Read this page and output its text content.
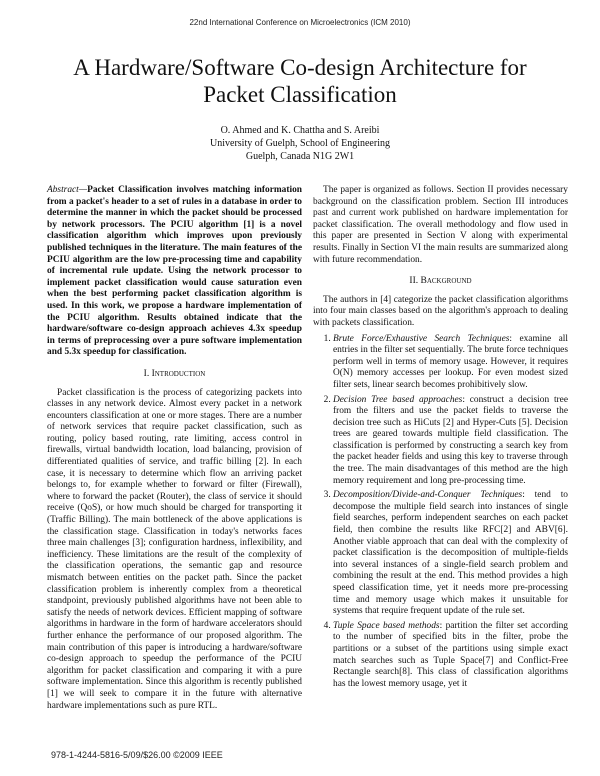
22nd International Conference on Microelectronics (ICM 2010)
A Hardware/Software Co-design Architecture for Packet Classification
O. Ahmed and K. Chattha and S. Areibi
University of Guelph, School of Engineering
Guelph, Canada N1G 2W1
Abstract—Packet Classification involves matching information from a packet's header to a set of rules in a database in order to determine the manner in which the packet should be processed by network processors. The PCIU algorithm [1] is a novel classification algorithm which improves upon previously published techniques in the literature. The main features of the PCIU algorithm are the low pre-processing time and capability of incremental rule update. Using the network processor to implement packet classification would cause saturation even when the best performing packet classification algorithm is used. In this work, we propose a hardware implementation of the PCIU algorithm. Results obtained indicate that the hardware/software co-design approach achieves 4.3x speedup in terms of preprocessing over a pure software implementation and 5.3x speedup for classification.
I. Introduction

Packet classification is the process of categorizing packets into classes in any network device. Almost every packet in a network encounters classification at one or more stages. There are a number of network services that require packet classification, such as routing, policy based routing, rate limiting, access control in firewalls, virtual bandwidth location, load balancing, provision of differentiated qualities of service, and traffic billing [2]. In each case, it is necessary to determine which flow an arriving packet belongs to, for example whether to forward or filter (Firewall), where to forward the packet (Router), the class of service it should receive (QoS), or how much should be charged for transporting it (Traffic Billing). The main bottleneck of the above applications is the classification stage. Classification in today's networks faces three main challenges [3]; configuration hardness, inflexibility, and inefficiency. These limitations are the result of the complexity of the classification operations, the semantic gap and resource mismatch between entities on the packet path. Since the packet classification problem is inherently complex from a theoretical standpoint, previously published algorithms have not been able to satisfy the needs of network devices. Efficient mapping of software algorithms in hardware in the form of hardware accelerators should further enhance the performance of our proposed algorithm. The main contribution of this paper is introducing a hardware/software co-design approach to speedup the performance of the PCIU algorithm for packet classification and comparing it with a pure software implementation. Since this algorithm is recently published [1] we will seek to compare it in the future with alternative hardware implementations such as pure RTL.

The paper is organized as follows. Section II provides necessary background on the classification problem. Section III introduces past and current work published on hardware implementation for packet classification. The overall methodology and flow used in this paper are presented in Section V along with experimental results. Finally in Section VI the main results are summarized along with future recommendation.

II. Background

The authors in [4] categorize the packet classification algorithms into four main classes based on the algorithm's approach to dealing with packets classification.

1. Brute Force/Exhaustive Search Techniques: examine all entries in the filter set sequentially. The brute force techniques perform well in terms of memory usage. However, it requires O(N) memory accesses per lookup. For even modest sized filter sets, linear search becomes prohibitively slow.
2. Decision Tree based approaches: construct a decision tree from the filters and use the packet fields to traverse the decision tree such as HiCuts [2] and Hyper-Cuts [5]. Decision trees are geared towards multiple field classification. The classification is performed by constructing a search key from the packet header fields and using this key to traverse through the tree. The main disadvantages of this method are the high memory requirement and long pre-processing time.
3. Decomposition/Divide-and-Conquer Techniques: tend to decompose the multiple field search into instances of single field searches, perform independent searches on each packet field, then combine the results like RFC[2] and ABV[6]. Another viable approach that can deal with the complexity of packet classification is the decomposition of multiple-fields into several instances of a single-field search problem and combining the result at the end. This method provides a high speed classification time, yet it needs more pre-processing time and memory usage which makes it unsuitable for systems that require frequent update of the rule set.
4. Tuple Space based methods: partition the filter set according to the number of specified bits in the filter, probe the partitions or a subset of the partitions using simple exact match searches such as Tuple Space[7] and Conflict-Free Rectangle search[8]. This class of classification algorithms has the lowest memory usage, yet it
978-1-4244-5816-5/09/$26.00 ©2009 IEEE
